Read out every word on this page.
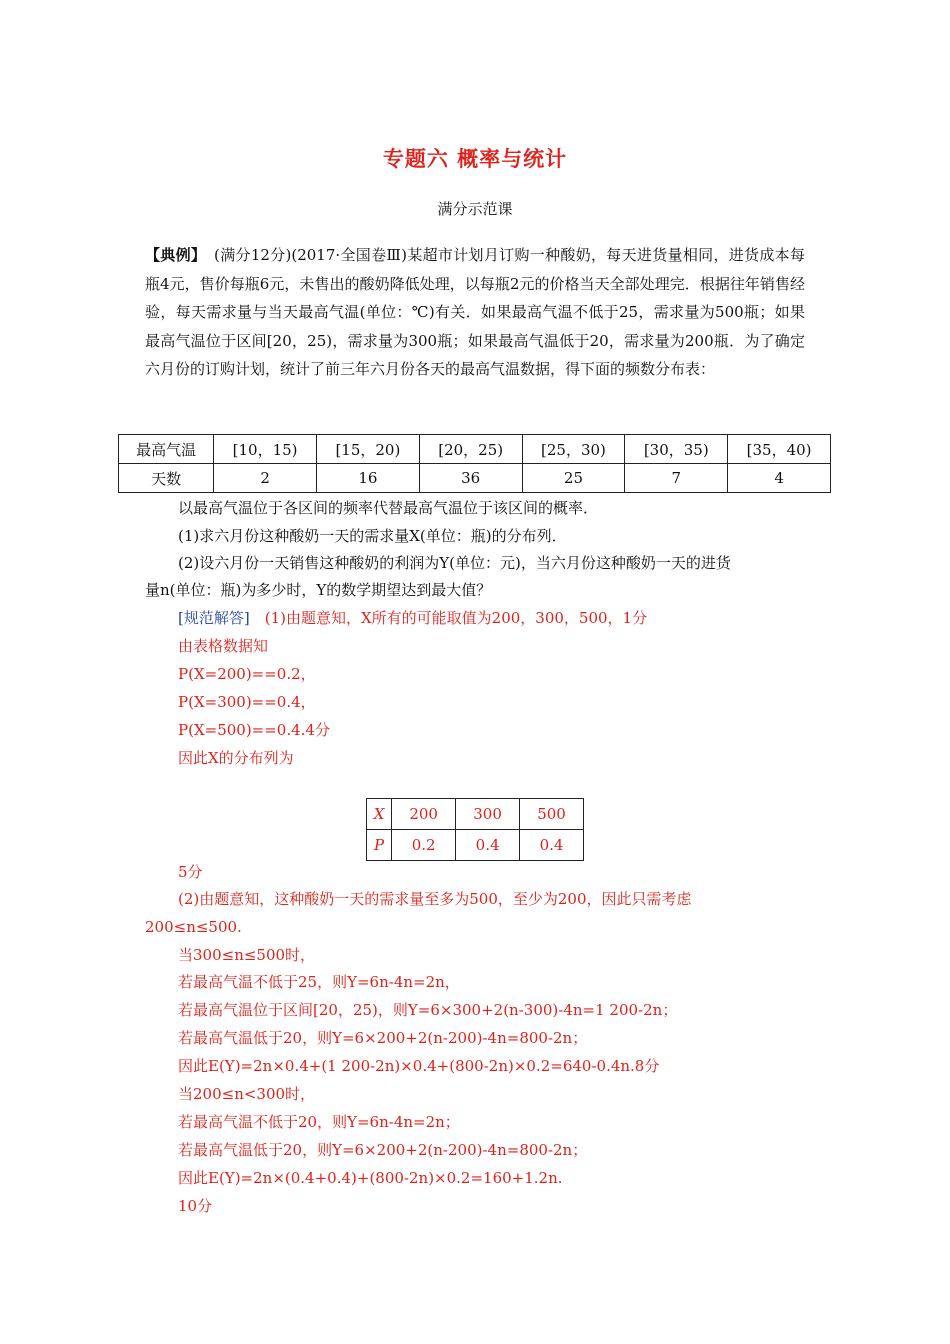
专题六 概率与统计
满分示范课
【典例】　(满分12分)(2017·全国卷Ⅲ)某超市计划月订购一种酸奶，每天进货量相同，进货成本每瓶4元，售价每瓶6元，未售出的酸奶降低处理，以每瓶2元的价格当天全部处理完．根据往年销售经验，每天需求量与当天最高气温(单位：℃)有关．如果最高气温不低于25，需求量为500瓶；如果最高气温位于区间[20，25)，需求量为300瓶；如果最高气温低于20，需求量为200瓶．为了确定六月份的订购计划，统计了前三年六月份各天的最高气温数据，得下面的频数分布表：
最高气温	[10，15)	[15，20)	[20，25)	[25，30)	[30，35)	[35，40)
天数	2	16	36	25	7	4
以最高气温位于各区间的频率代替最高气温位于该区间的概率．
(1)求六月份这种酸奶一天的需求量X(单位：瓶)的分布列．
(2)设六月份一天销售这种酸奶的利润为Y(单位：元)，当六月份这种酸奶一天的进货
量n(单位：瓶)为多少时，Y的数学期望达到最大值？
[规范解答]　(1)由题意知，X所有的可能取值为200，300，500，1分
由表格数据知
P(X=200)==0.2，
P(X=300)==0.4，
P(X=500)==0.4.4分
因此X的分布列为
X	200	300	500
P	0.2	0.4	0.4
5分
(2)由题意知，这种酸奶一天的需求量至多为500，至少为200，因此只需考虑
200≤n≤500.
当300≤n≤500时，
若最高气温不低于25，则Y=6n-4n=2n，
若最高气温位于区间[20，25)，则Y=6×300+2(n-300)-4n=1 200-2n；
若最高气温低于20，则Y=6×200+2(n-200)-4n=800-2n；
因此E(Y)=2n×0.4+(1 200-2n)×0.4+(800-2n)×0.2=640-0.4n.8分
当200≤n<300时，
若最高气温不低于20，则Y=6n-4n=2n；
若最高气温低于20，则Y=6×200+2(n-200)-4n=800-2n；
因此E(Y)=2n×(0.4+0.4)+(800-2n)×0.2=160+1.2n.
10分
